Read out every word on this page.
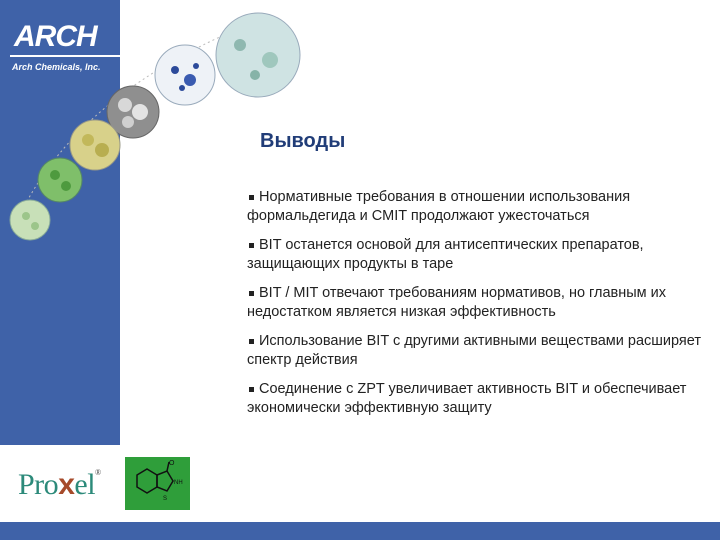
ARCH
Arch Chemicals, Inc.
Выводы
Нормативные требования в отношении использования формальдегида и CMIT продолжают ужесточаться
BIT останется основой для антисептических препаратов, защищающих продукты в таре
BIT / MIT отвечают требованиям нормативов, но главным их недостатком является низкая эффективность
Использование BIT с другими активными веществами расширяет спектр действия
Соединение с ZPT увеличивает активность BIT и обеспечивает экономически эффективную защиту
Proxel®
O
NH
S
